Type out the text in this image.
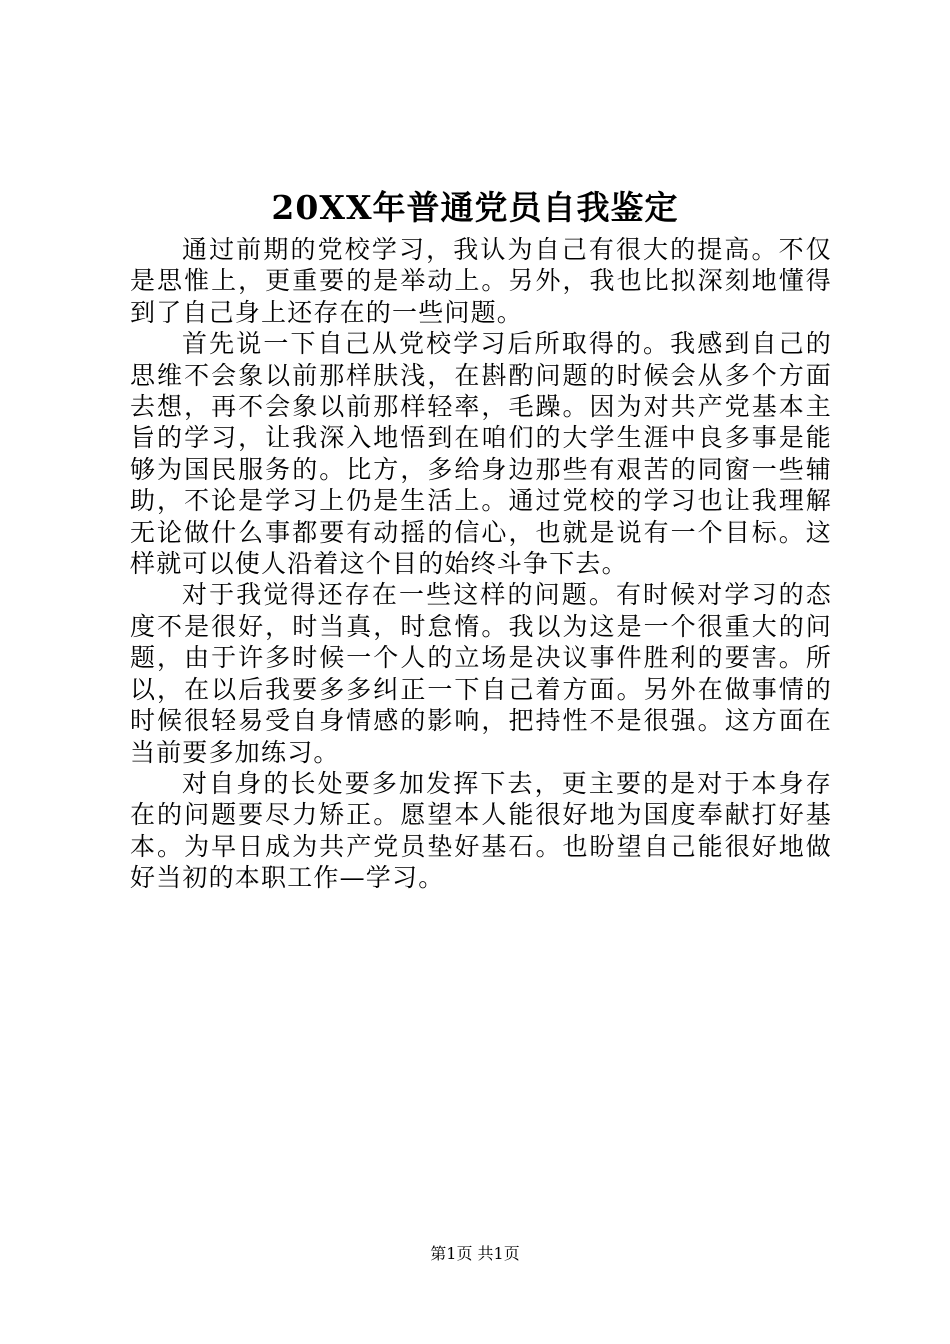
20XX年普通党员自我鉴定

通过前期的党校学习，我认为自己有很大的提高。不仅是思惟上，更重要的是举动上。另外，我也比拟深刻地懂得到了自己身上还存在的一些问题。

首先说一下自己从党校学习后所取得的。我感到自己的思维不会象以前那样肤浅，在斟酌问题的时候会从多个方面去想，再不会象以前那样轻率，毛躁。因为对共产党基本主旨的学习，让我深入地悟到在咱们的大学生涯中良多事是能够为国民服务的。比方，多给身边那些有艰苦的同窗一些辅助，不论是学习上仍是生活上。通过党校的学习也让我理解无论做什么事都要有动摇的信心，也就是说有一个目标。这样就可以使人沿着这个目的始终斗争下去。

对于我觉得还存在一些这样的问题。有时候对学习的态度不是很好，时当真，时怠惰。我以为这是一个很重大的问题，由于许多时候一个人的立场是决议事件胜利的要害。所以，在以后我要多多纠正一下自己着方面。另外在做事情的时候很轻易受自身情感的影响，把持性不是很强。这方面在当前要多加练习。

对自身的长处要多加发挥下去，更主要的是对于本身存在的问题要尽力矫正。愿望本人能很好地为国度奉献打好基本。为早日成为共产党员垫好基石。也盼望自己能很好地做好当初的本职工作—学习。

第1页 共1页
